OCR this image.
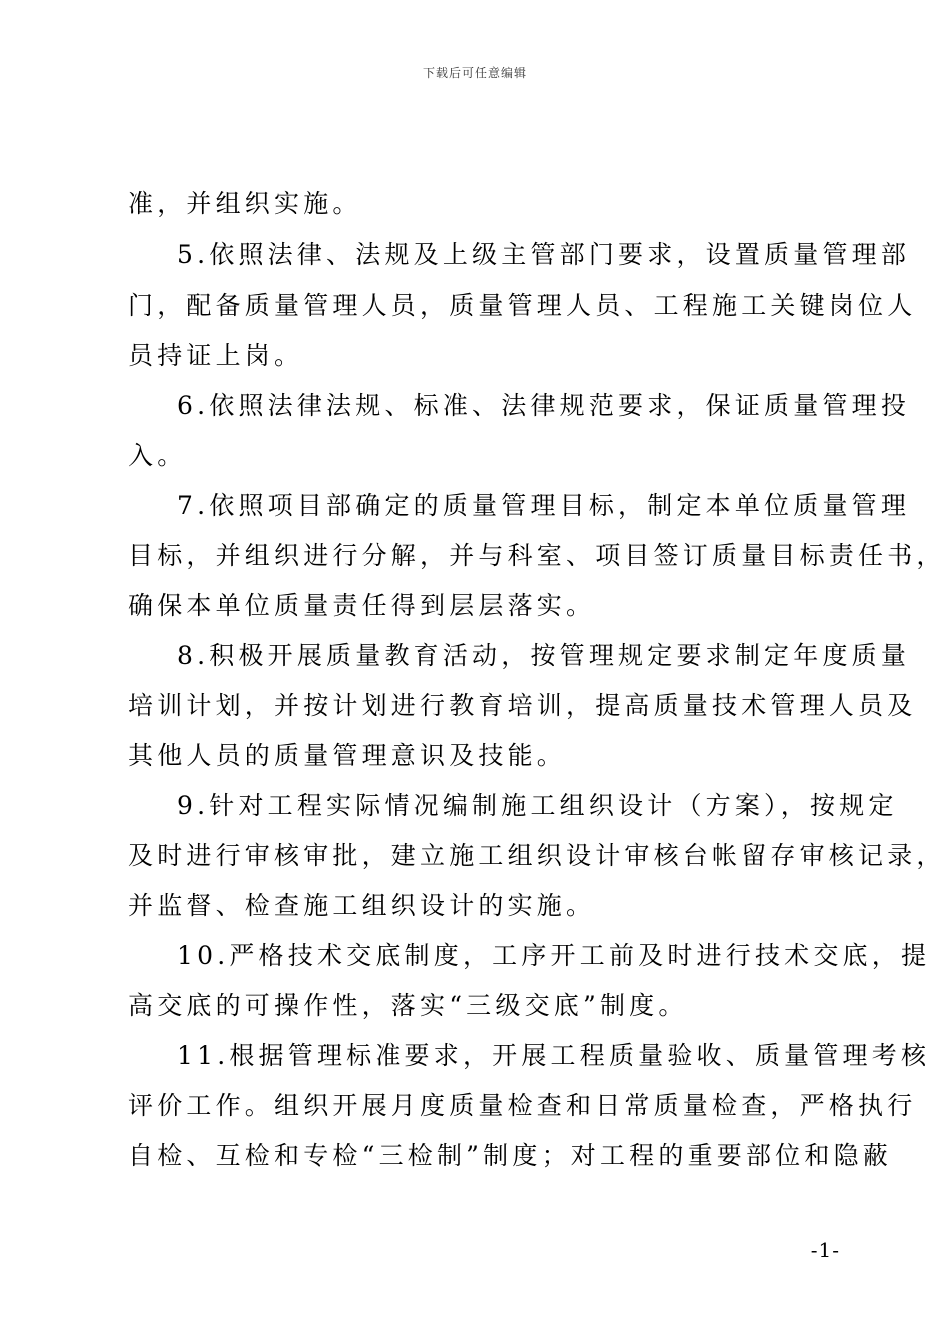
下载后可任意编辑
准，并组织实施。
5.依照法律、法规及上级主管部门要求，设置质量管理部
门，配备质量管理人员，质量管理人员、工程施工关键岗位人
员持证上岗。
6.依照法律法规、标准、法律规范要求，保证质量管理投
入。
7.依照项目部确定的质量管理目标，制定本单位质量管理
目标，并组织进行分解，并与科室、项目签订质量目标责任书，
确保本单位质量责任得到层层落实。
8.积极开展质量教育活动，按管理规定要求制定年度质量
培训计划，并按计划进行教育培训，提高质量技术管理人员及
其他人员的质量管理意识及技能。
9.针对工程实际情况编制施工组织设计（方案），按规定
及时进行审核审批，建立施工组织设计审核台帐留存审核记录，
并监督、检查施工组织设计的实施。
10.严格技术交底制度，工序开工前及时进行技术交底，提
高交底的可操作性，落实“三级交底”制度。
11.根据管理标准要求，开展工程质量验收、质量管理考核
评价工作。组织开展月度质量检查和日常质量检查，严格执行
自检、互检和专检“三检制”制度；对工程的重要部位和隐蔽
-1-
